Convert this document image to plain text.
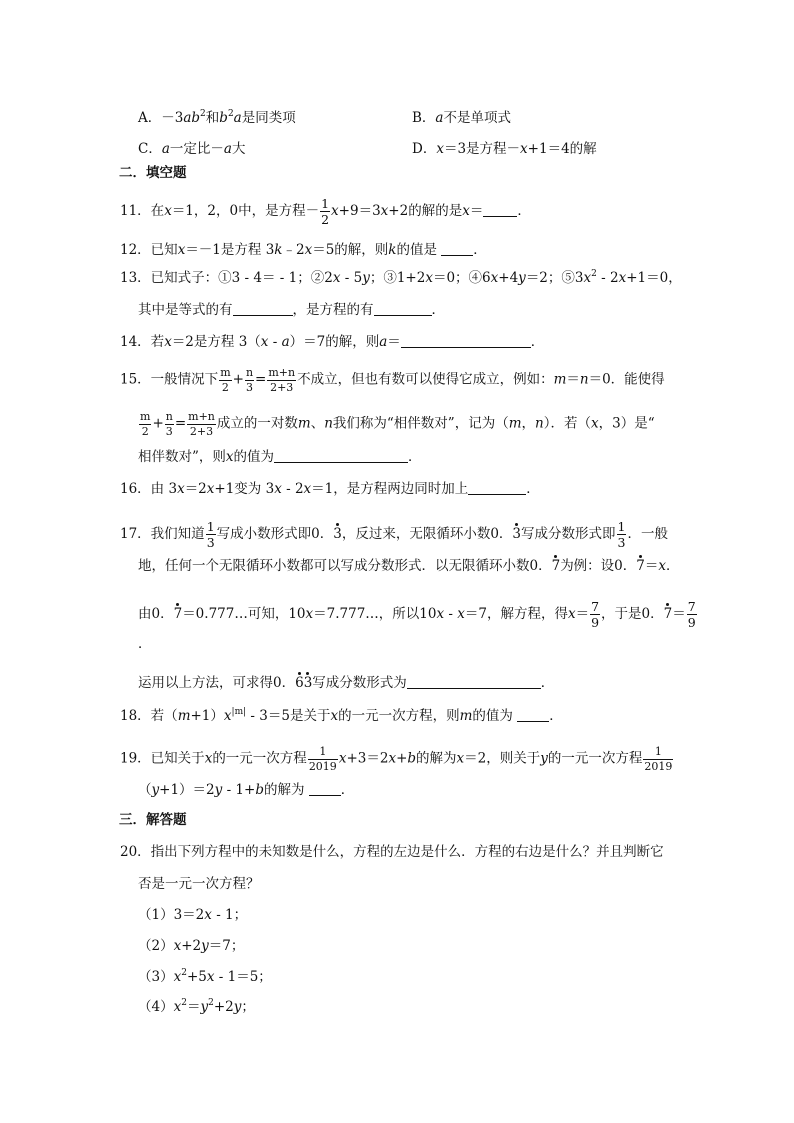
A．$-3ab^2$和$b^2a$是同类项	B．a不是单项式
C．a一定比－a大	D．x＝3是方程－x+1＝4的解
二．填空题
11．在x＝1，2，0中，是方程－ $\frac{1}{2} x+9=3x+2$的解的是x＝	．
12．已知x＝－1是方程 3k﹣2x＝5的解，则k的值是 ．
13．已知式子：①3 - 4＝ - 1；②2x - 5y；③1+2x＝0；④6x+4y＝2；$⑤3x^2 - 2x+1=0$，
其中是等式的有	，是方程的有	．
14．若x＝2是方程 3（x - a）＝7的解，则a＝	．
15．一般情况下 $\frac{m}{2} + \frac{n}{3} = \frac{m+n}{2+3}$ 不成立，但也有数可以使得它成立，例如：m＝n＝0．能使得
$\frac{m}{2} + \frac{n}{3} = \frac{m+n}{2+3}$ 成立的一对数m、n我们称为“相伴数对”，记为（m，n）．若（x，3）是“
相伴数对”，则x的值为	．
16．由 3x＝2x+1变为 3x - 2x＝1，是方程两边同时加上	．
17．我们知道 $\frac{1}{3}$ 写成小数形式即0．3，反过来，无限循环小数0．3写成分数形式即 $\frac{1}{3}$ ．一般
地，任何一个无限循环小数都可以写成分数形式．以无限循环小数0．7为例：设0．7＝x．
由0．7＝0.777…可知，10x＝7.777…，所以10x - x＝7，解方程，得$x= \frac{7}{9}$ ，于是0．$7= \frac{7}{9}$
．
运用以上方法，可求得0．63写成分数形式为	．
18．若$(m+1)x^{|m|} - 3=5$是关于x的一元一次方程，则m的值为 ．
19．已知关于x的一元一次方程 $\frac{1}{2019} x+3=2x+b$的解为x＝2，则关于y的一元一次方程 $\frac{1}{2019}$
（y+1）＝2y - 1+b的解为 ．
三．解答题
20．指出下列方程中的未知数是什么，方程的左边是什么．方程的右边是什么？并且判断它
否是一元一次方程？
（1）3＝2x - 1；
（2）x+2y＝7；
$(3)x^2+5x - 1=5$；
$(4)x^2=y^2+2y$；
